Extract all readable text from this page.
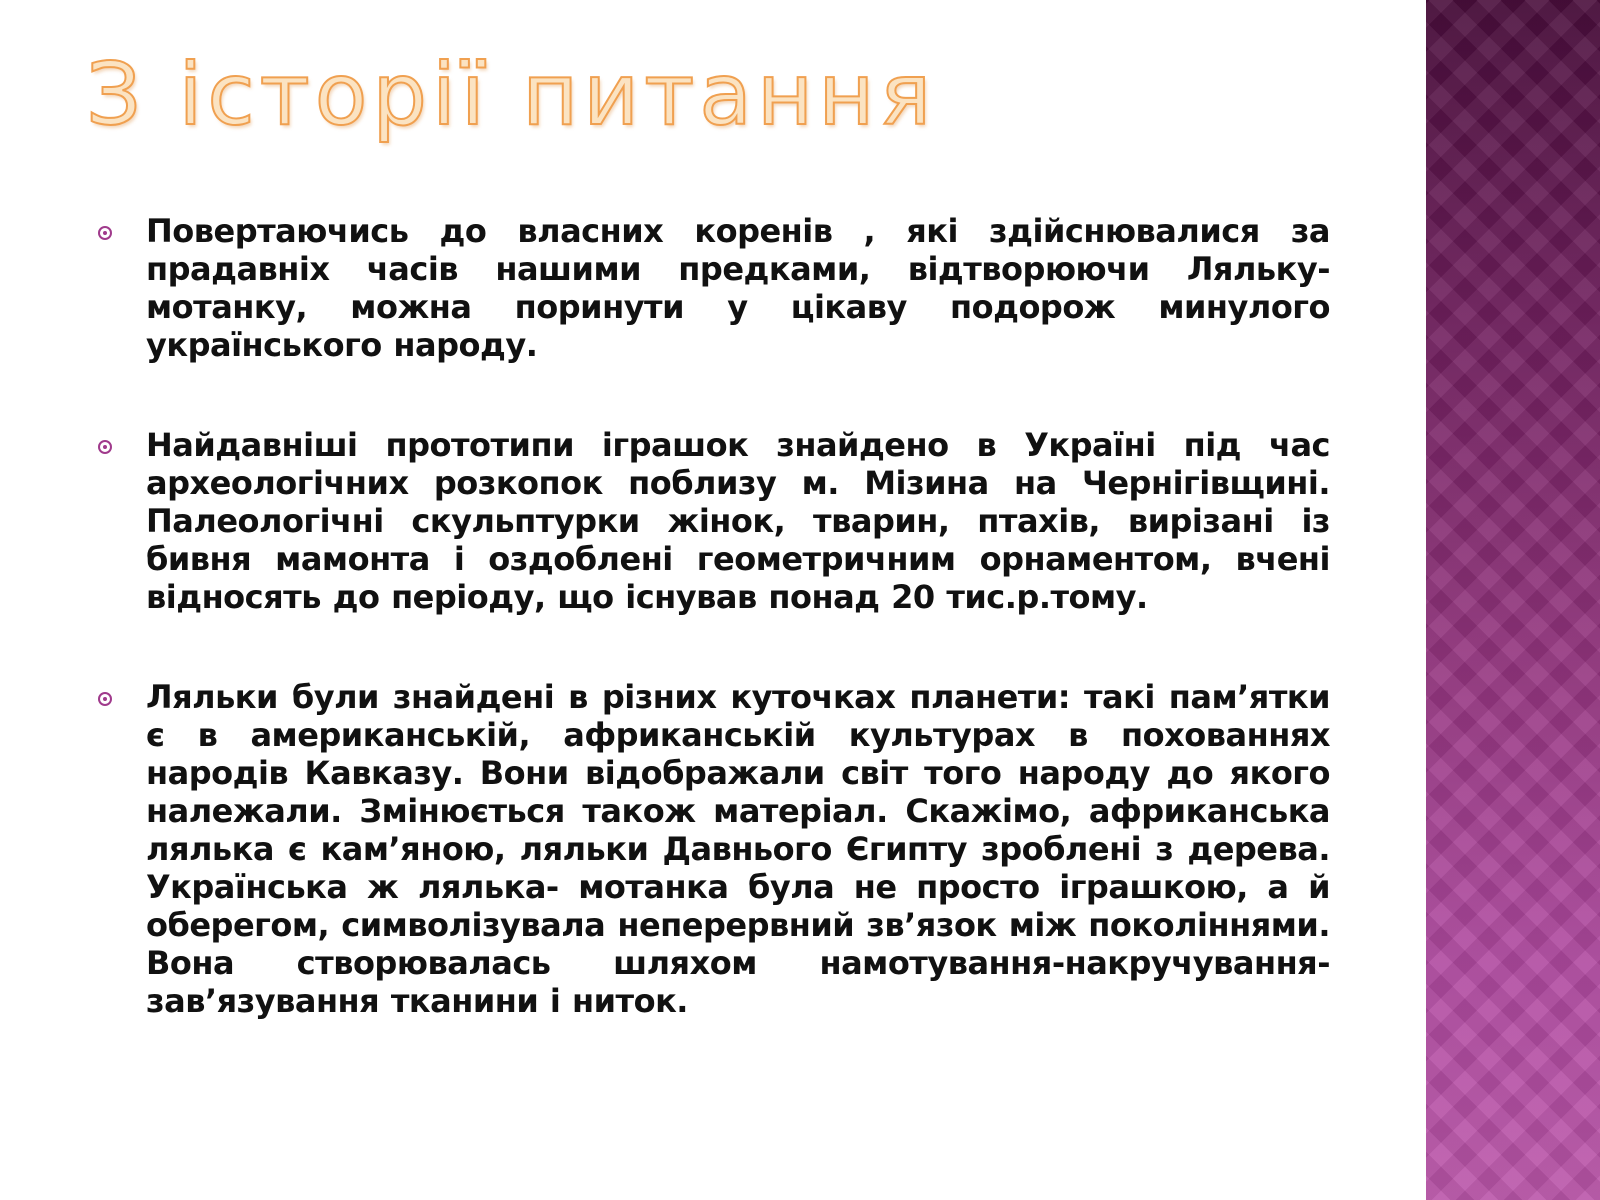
З історії питання
Повертаючись до власних коренів , які здійснювалися за прадавніх часів нашими предками, відтворюючи Ляльку-мотанку, можна поринути у цікаву подорож минулого українського народу.
Найдавніші прототипи іграшок знайдено в Україні під час археологічних розкопок поблизу м. Мізина на Чернігівщині. Палеологічні скульптурки жінок, тварин, птахів, вирізані із бивня мамонта і оздоблені геометричним орнаментом, вчені відносять до періоду, що існував понад 20 тис.р.тому.
Ляльки були знайдені в різних куточках планети: такі пам’ятки є в американській, африканській культурах в похованнях народів Кавказу. Вони відображали світ того народу до якого належали. Змінюється також матеріал. Скажімо, африканська лялька є кам’яною, ляльки Давнього Єгипту зроблені з дерева. Українська ж лялька- мотанка була не просто іграшкою, а й оберегом, символізувала неперервний зв’язок між поколіннями. Вона створювалась шляхом намотування-накручування-зав’язування тканини і ниток.
